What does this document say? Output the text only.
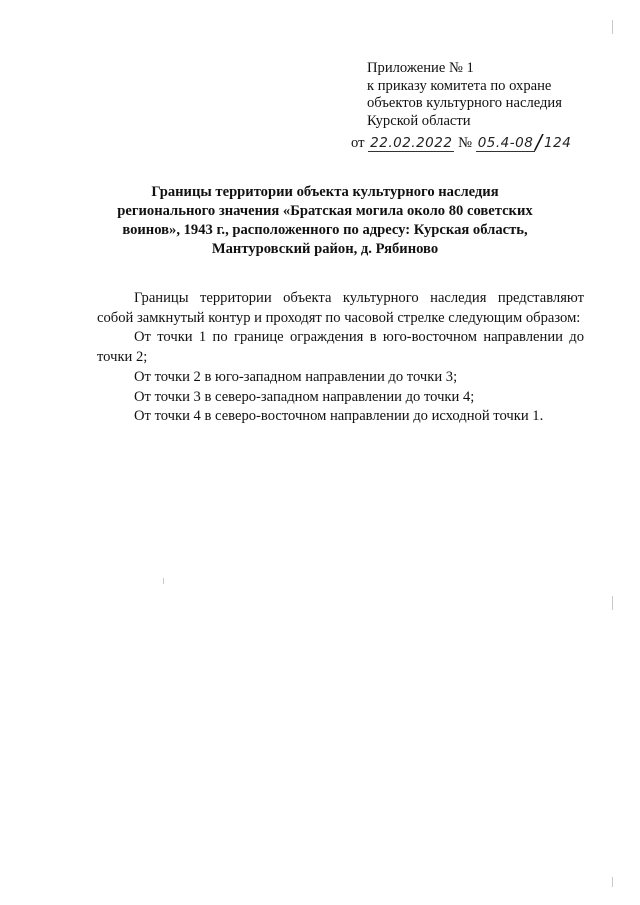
Приложение № 1
к приказу комитета по охране
объектов культурного наследия
Курской области
от 22.02.2022 № 05.4-08 / 124
Границы территории объекта культурного наследия
регионального значения «Братская могила около 80 советских
воинов», 1943 г., расположенного по адресу: Курская область,
Мантуровский район, д. Рябиново

Границы территории объекта культурного наследия представляют собой замкнутый контур и проходят по часовой стрелке следующим образом:

От точки 1 по границе ограждения в юго-восточном направлении до точки 2;

От точки 2 в юго-западном направлении до точки 3;

От точки 3 в северо-западном направлении до точки 4;

От точки 4 в северо-восточном направлении до исходной точки 1.
